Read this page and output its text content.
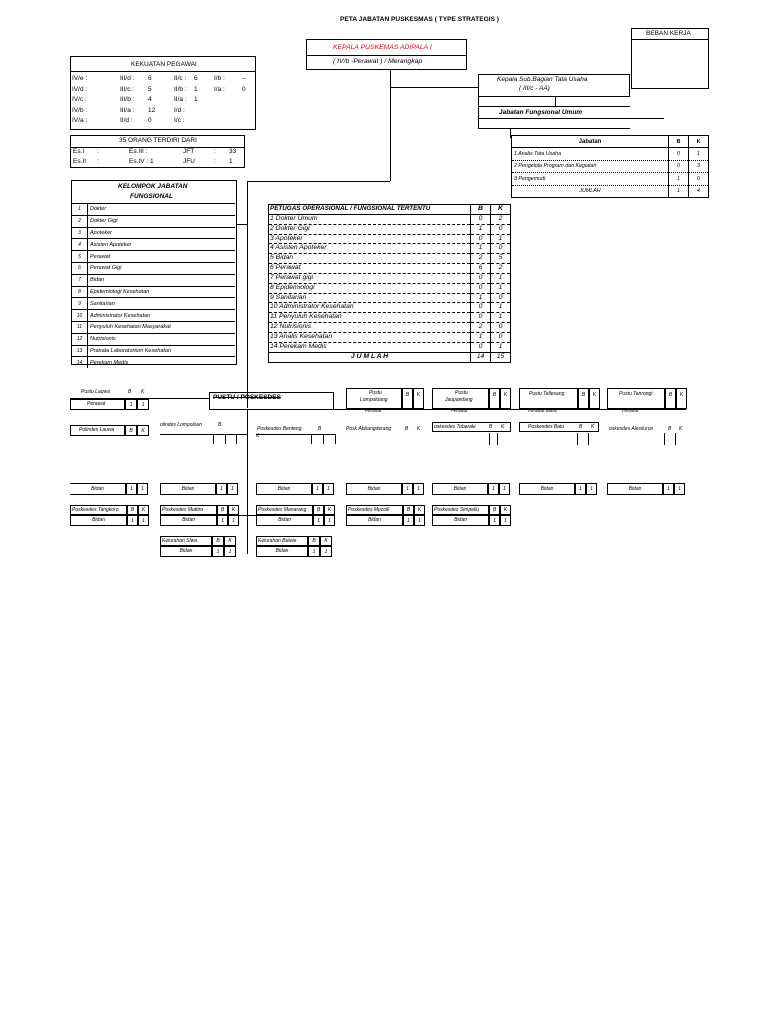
PETA JABATAN PUSKESMAS ( TYPE STRATEGIS )
BEBAN KERJA
KEPALA PUSKEMAS ADIPALA I
( IV/b -Perawat ) / Merangkap
Kepala Sub.Bagian Tata Usaha
( III/c - AA)
Jabatan Fungsional Umum
Jabatan	B	K
1 Analis Tata Usaha	0	1
2 Pengelola Program dan Kegiatan	0	3
3 Pengemudi	1	0
JUMLAH	1	4
KEKUATAN PEGAWAI
IV/e :		III/d :	6	II/c :	6	I/b :	--
IV/d :		III/c :	5	II/b :	1	I/a :	0
IV/c :		III/b :	4	II/a :	1		
IV/b :		III/a :	12	I/d :			
IV/a :		II/d :	0	I/c :			
35 ORANG TERDIRI DARI
Es.I :	Es.III :	JFT	: 33
Es.II :	Es.IV : 1	JFU	: 1
KELOMPOK JABATAN
FUNGSIONAL
1	Dokter
2	Dokter Gigi
3	Apoteker
4	Asisten Apoteker
5	Perawat
6	Perawat Gigi
7	Bidan
8	Epidemiologi Kesehatan
9	Sanitarian
10	Administrator Kesehatan
11	Penyuluh Kesehatan Masyarakat
12	Nutrisionis
13	Pranata Laboratorium Kesehatan
14	Perekam Medis
PETUGAS OPERASIONAL / FUNGSIONAL TERTENTU	B	K
1 Dokter Umum	0	2
2 Dokter Gigi	1	0
3 Apoteker	0	1
4 Asisten Apoteker	1	0
5 Bidan	2	5
6 Perawat	6	2
7 Perawat gigi	0	1
8 Epidemiologi	0	1
9 Sanitarian	1	0
10 Administrator Kesehatan	0	1
11 Penyuluh Kesehatan	0	1
12 Nutrisionis	2	0
13 Analis Kesehatan	1	0
14 Perekam Medis	0	1
J U M L A H	14	15
PUSTU / POSKESDES
Pustu Lauwa	B K
Perawat	1	1
Polindes Lauwa	B	K
olindes Lompoloan	B
Poskesdes Benteng	B
K
Pustu
Lompoloang
B	K
Perawat
Posk Abbangderang	B K
Pustu
Jaupandang
B	K
Perawat
oskesdes Tobaraki	B K
Pustu Tellesang	B	K
Perawat Bidan
Poskesdes Batu	B K
Pustu Tanrongi	B	K
Perawat
oskesdes Alesilurun	B K
Bidan	1	1	Bidan	1	1	Bidan	1	1	Bidan	1	1	Bidan	1	1	Bidan	1	1	Bidan	1	1
Poskesdes Tangkoro	B	K
Bidan	1	1
Poskesdes Mattiro	B	K
Bidan	1	1
Poskesdes Manarang	B	K
Bidan	1	1
Poskesdes Mpcolli	B	K
Bidan	1	1
Poskesdes Simpellu	B	K
Bidan	1	1
Kelurahan Siwa	B	K
Bidan	1	1
Kelurahan Bulete	B	K
Bidan	1	1
